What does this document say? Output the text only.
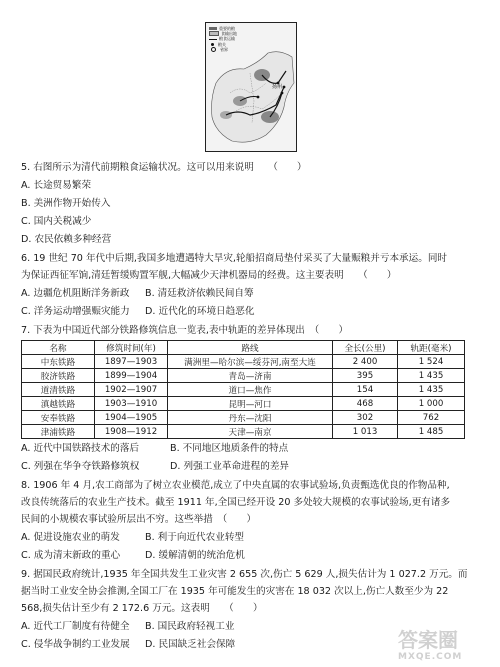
重要的粮
食输出地
粮食运输
粮关
省界
扬州
5. 右图所示为清代前期粮食运输状况。这可以用来说明　　（　　）
A. 长途贸易繁荣
B. 美洲作物开始传入
C. 国内关税减少
D. 农民依赖多种经营
6. 19 世纪 70 年代中后期,我国多地遭遇特大旱灾,轮船招商局垫付采买了大量赈粮并亏本承运。同时
为保证西征军饷,清廷暂缓购置军舰,大幅减少天津机器局的经费。这主要表明　　（　　）
A. 边疆危机阻断洋务新政 B. 清廷救济依赖民间自筹
C. 洋务运动增强赈灾能力 D. 近代化的环境日趋恶化
7. 下表为中国近代部分铁路修筑信息一览表,表中轨距的差异体现出　（　　）
名称	修筑时间(年)	路线	全长(公里)	轨距(毫米)
中东铁路	1897—1903	满洲里—哈尔滨—绥芬河,南至大连	2 400	1 524
胶济铁路	1899—1904	青岛—济南	395	1 435
道清铁路	1902—1907	道口—焦作	154	1 435
滇越铁路	1903—1910	昆明—河口	468	1 000
安奉铁路	1904—1905	丹东—沈阳	302	762
津浦铁路	1908—1912	天津—南京	1 013	1 485
A. 近代中国铁路技术的落后	B. 不同地区地质条件的特点
C. 列强在华争夺铁路修筑权	D. 列强工业革命进程的差异
8. 1906 年 4 月,农工商部为了树立农业模范,成立了中央直属的农事试验场,负责甄选优良的作物品种,
改良传统落后的农业生产技术。截至 1911 年,全国已经开设 20 多处较大规模的农事试验场,更有诸多
民间的小规模农事试验所层出不穷。这些举措　（　　）
A. 促进设施农业的萌发	B. 利于向近代农业转型
C. 成为清末新政的重心	D. 缓解清朝的统治危机
9. 据国民政府统计,1935 年全国共发生工业灾害 2 655 次,伤亡 5 629 人,损失估计为 1 027.2 万元。而
据当时工业安全协会推测,全国工厂在 1935 年可能发生的灾害在 18 032 次以上,伤亡人数至少为 22
568,损失估计至少有 2 172.6 万元。这表明　　（　　）
A. 近代工厂制度有待健全 B. 国民政府轻视工业
C. 侵华战争制约工业发展 D. 民国缺乏社会保障	答案圈
MXQE.COM
